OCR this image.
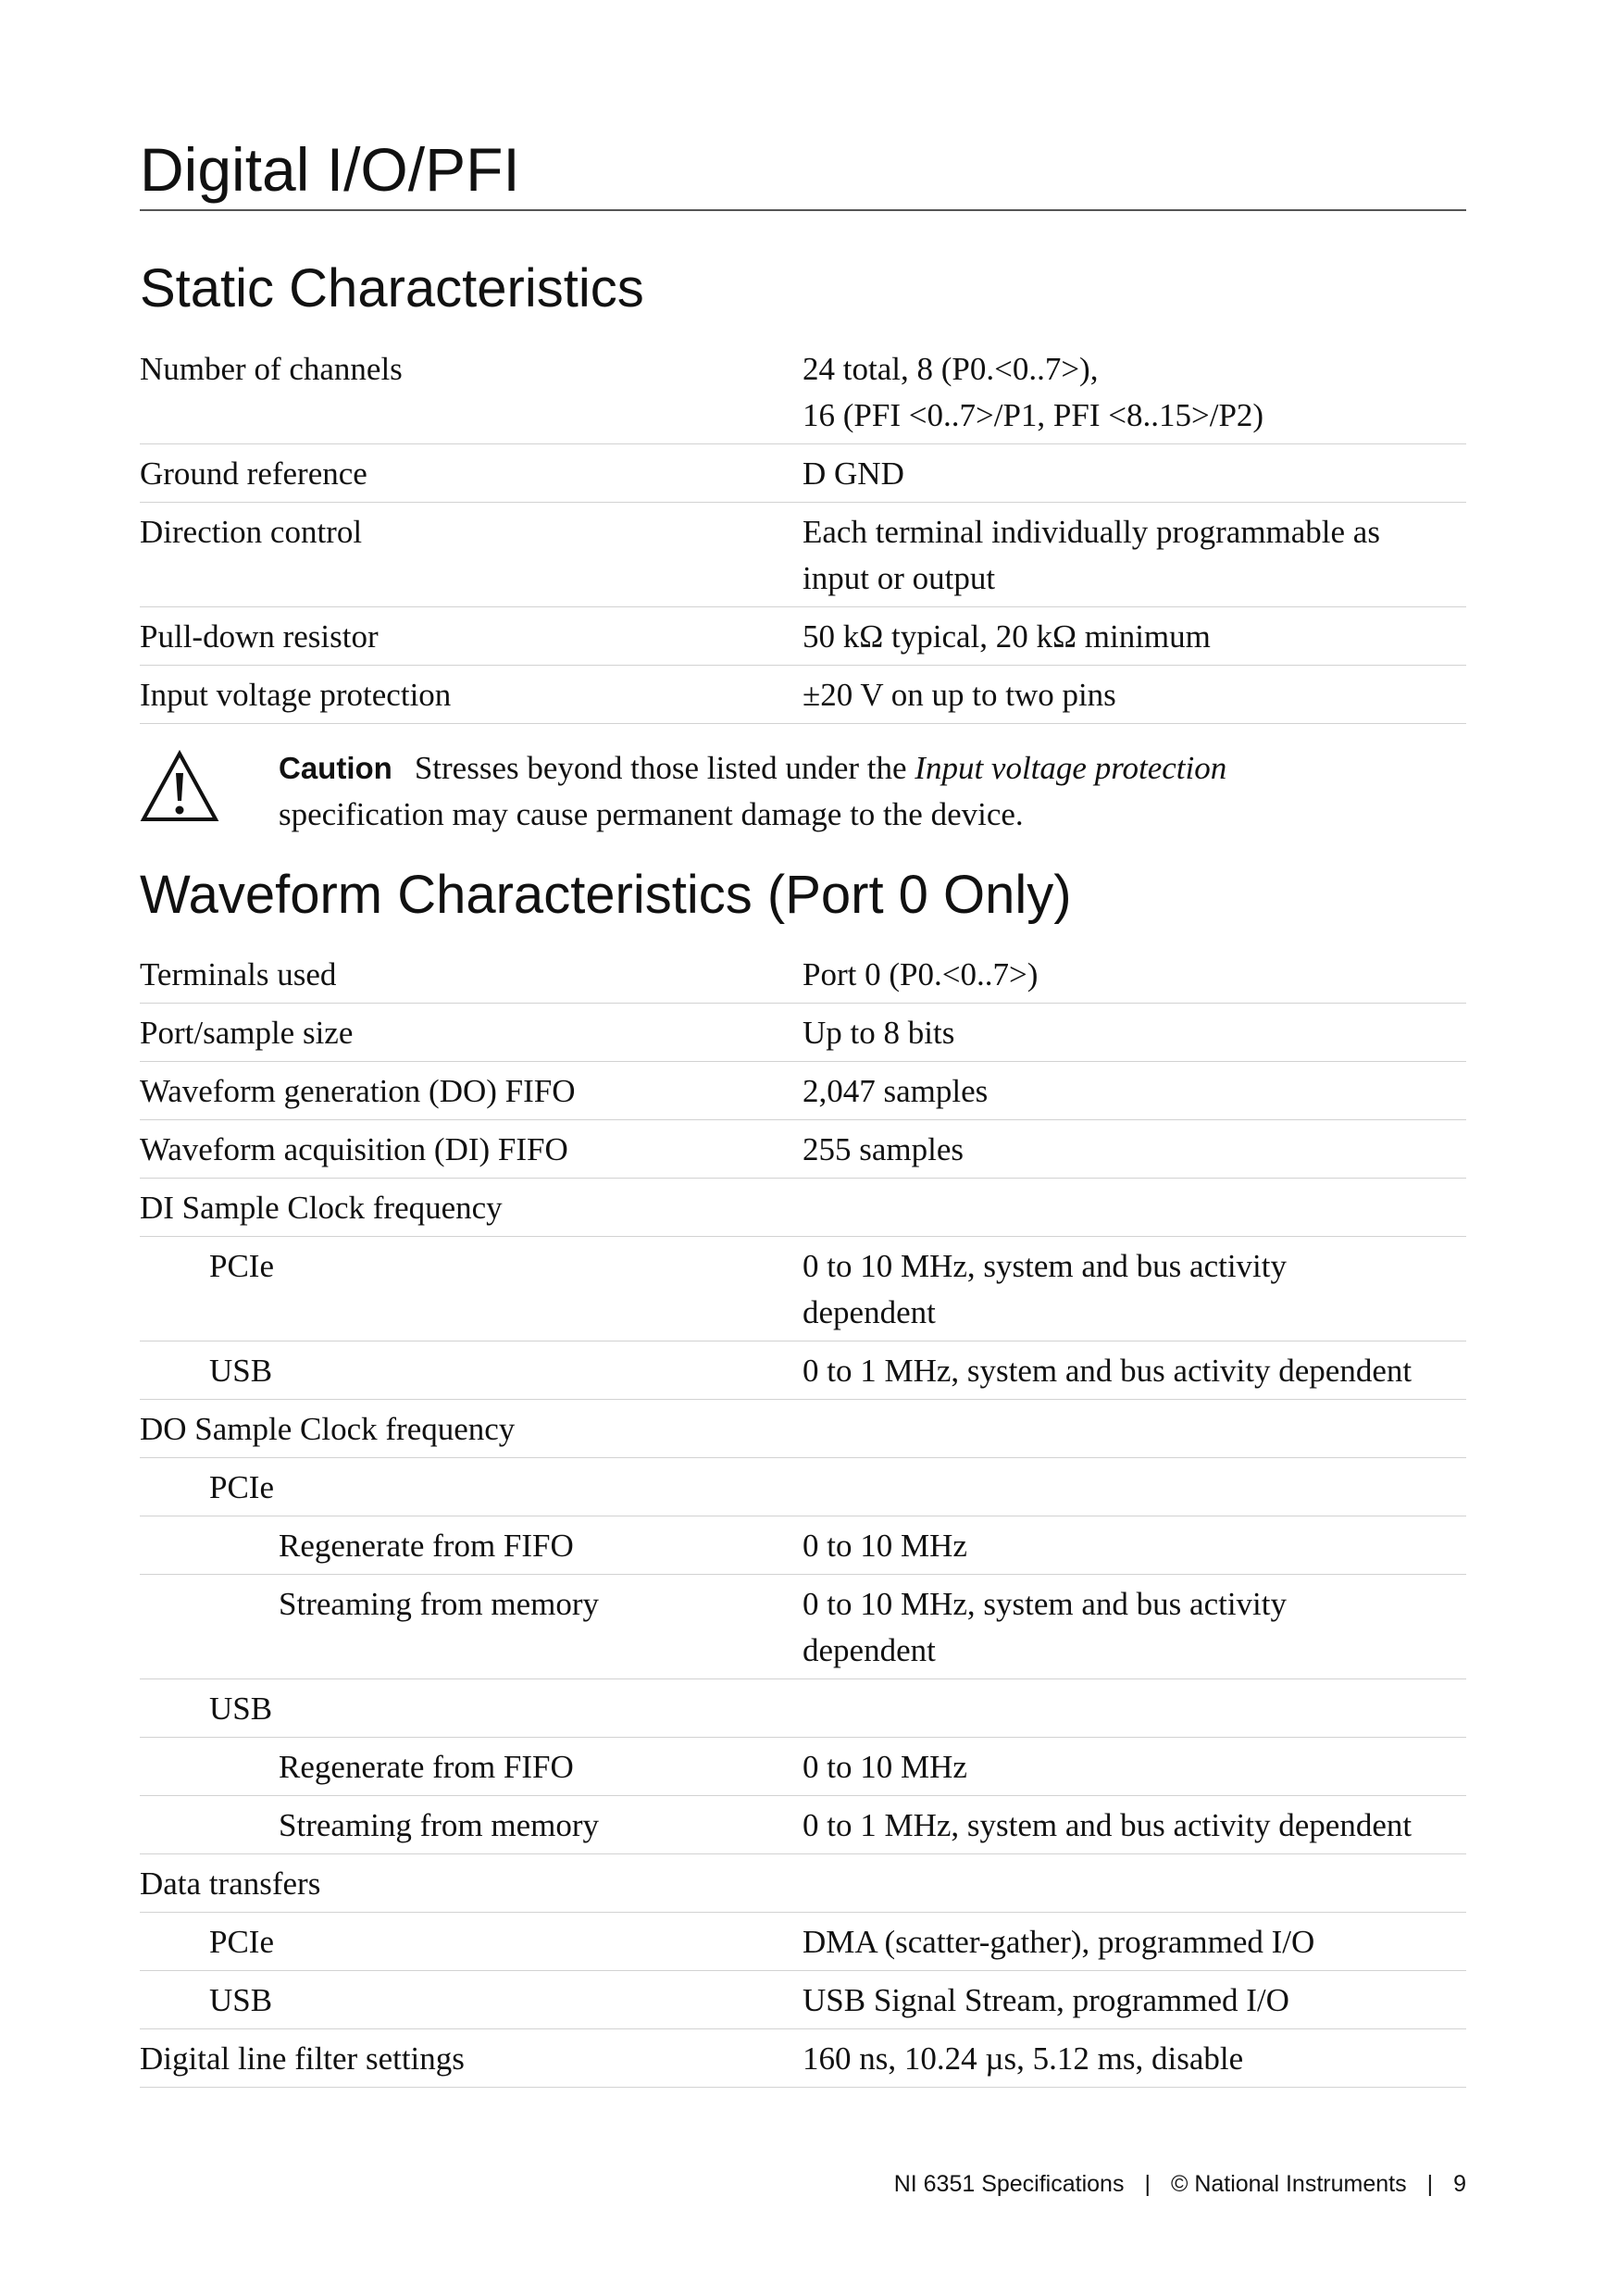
Digital I/O/PFI
Static Characteristics
Number of channels	24 total, 8 (P0.<0..7>),
16 (PFI <0..7>/P1, PFI <8..15>/P2)
Ground reference	D GND
Direction control	Each terminal individually programmable as
input or output
Pull-down resistor	50 kΩ typical, 20 kΩ minimum
Input voltage protection	±20 V on up to two pins
Caution Stresses beyond those listed under the Input voltage protection
specification may cause permanent damage to the device.
Waveform Characteristics (Port 0 Only)
Terminals used	Port 0 (P0.<0..7>)
Port/sample size	Up to 8 bits
Waveform generation (DO) FIFO	2,047 samples
Waveform acquisition (DI) FIFO	255 samples
DI Sample Clock frequency
PCIe	0 to 10 MHz, system and bus activity
dependent
USB	0 to 1 MHz, system and bus activity dependent
DO Sample Clock frequency
PCIe
Regenerate from FIFO	0 to 10 MHz
Streaming from memory	0 to 10 MHz, system and bus activity
dependent
USB
Regenerate from FIFO	0 to 10 MHz
Streaming from memory	0 to 1 MHz, system and bus activity dependent
Data transfers
PCIe	DMA (scatter-gather), programmed I/O
USB	USB Signal Stream, programmed I/O
Digital line filter settings	160 ns, 10.24 µs, 5.12 ms, disable
NI 6351 Specifications | © National Instruments | 9
